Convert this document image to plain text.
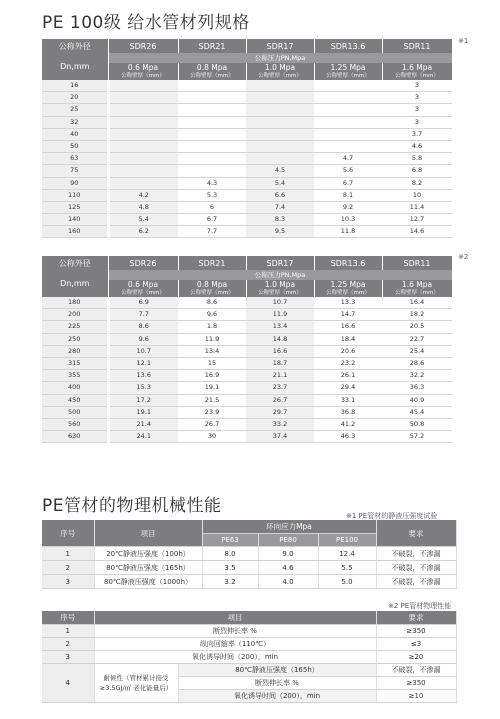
PE 100级 给水管材列规格
公称外径	SDR26	SDR21	SDR17	SDR13.6	SDR11
Dn,mm	公称压力PN,Mpa				
	0.6 Mpa	0.8 Mpa	1.0 Mpa	1.25 Mpa	1.6 Mpa
	公称壁厚（mm）	公称壁厚（mm）	公称壁厚（mm）	公称壁厚（mm）	公称壁厚（mm）
16					3
20					3
25					3
32					3
40					3.7
50					4.6
63				4.7	5.8
75			4.5	5.6	6.8
90		4.3	5.4	6.7	8.2
110	4.2	5.3	6.6	8.1	10
125	4.8	6	7.4	9.2	11.4
140	5.4	6.7	8.3	10.3	12.7
160	6.2	7.7	9.5	11.8	14.6
※1
公称外径	SDR26	SDR21	SDR17	SDR13.6	SDR11
Dn,mm	公称压力PN,Mpa				
	0.6 Mpa	0.8 Mpa	1.0 Mpa	1.25 Mpa	1.6 Mpa
	公称壁厚（mm）	公称壁厚（mm）	公称壁厚（mm）	公称壁厚（mm）	公称壁厚（mm）
180	6.9	8.6	10.7	13.3	16.4
200	7.7	9.6	11.9	14.7	18.2
225	8.6	1.8	13.4	16.6	20.5
250	9.6	11.9	14.8	18.4	22.7
280	10.7	13.4	16.6	20.6	25.4
315	12.1	15	18.7	23.2	28.6
355	13.6	16.9	21.1	26.1	32.2
400	15.3	19.1	23.7	29.4	36.3
450	17.2	21.5	26.7	33.1	40.9
500	19.1	23.9	29.7	36.8	45.4
560	21.4	26.7	33.2	41.2	50.8
630	24.1	30	37.4	46.3	57.2
※2
PE管材的物理机械性能	※1 PE管材的静液压强度试验
序号	项目	环向应力Mpa			要求
		PE63	PE80	PE100	
1	20℃静液压强度（100h）	8.0	9.0	12.4	不破裂，不渗漏
2	80℃静液压强度（165h）	3.5	4.6	5.5	不破裂，不渗漏
3	80℃静液压强度（1000h）	3.2	4.0	5.0	不破裂，不渗漏
※2 PE管材物理性能
序号	项目		要求
1	断烈伸长率 %		≥350
2	纵向回缩率（110℃）		≤3
3	氧化诱导时间（200），min		≥20
4	耐候性（管材累计接受
≥3.5GJ/㎡ 老化能量后）	80℃静液压强度（165h）	不破裂，不渗漏
		断烈伸长率 %	≥350
		氧化诱导时间（200），min	≥10
